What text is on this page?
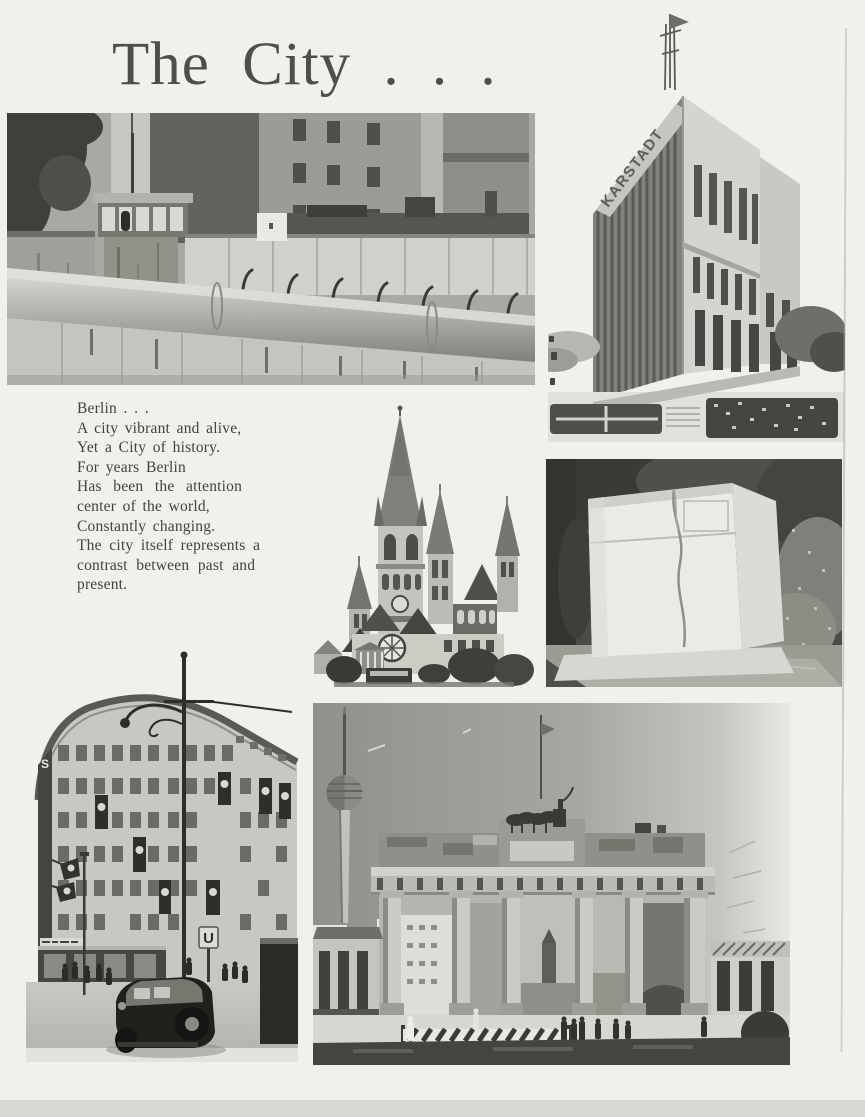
The City . . .
KARSTADT
Berlin . . .
A city vibrant and alive,
Yet a City of history.
For years Berlin
Has been the attention
center of the world,
Constantly changing.
The city itself represents a
contrast between past and
present.
S
U
